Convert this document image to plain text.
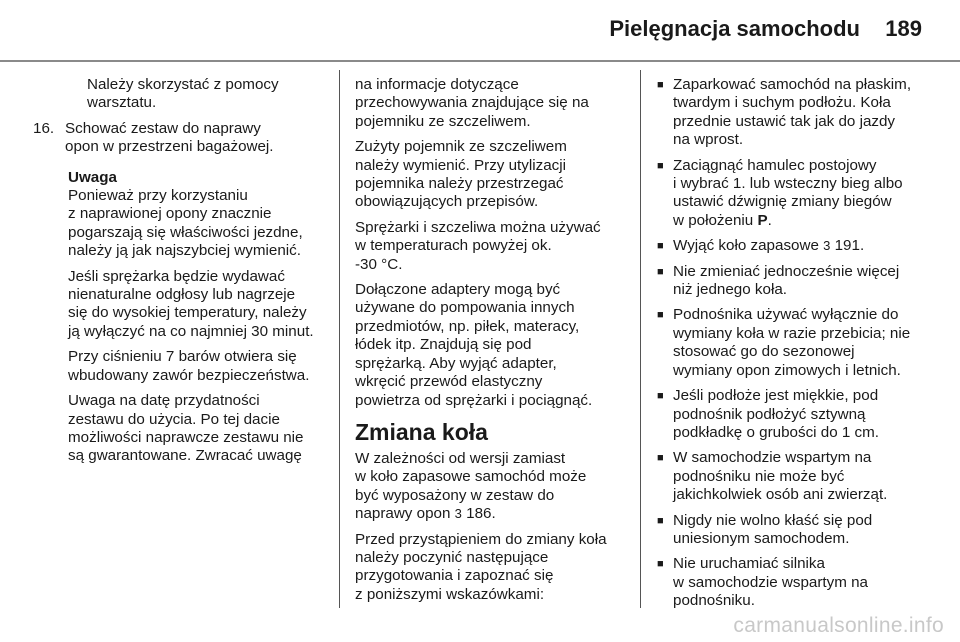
Pielęgnacja samochodu 189

Należy skorzystać z pomocy
warsztatu.

16. Schować zestaw do naprawy
opon w przestrzeni bagażowej.

Uwaga

Ponieważ przy korzystaniu
z naprawionej opony znacznie
pogarszają się właściwości jezdne,
należy ją jak najszybciej wymienić.

Jeśli sprężarka będzie wydawać
nienaturalne odgłosy lub nagrzeje
się do wysokiej temperatury, należy
ją wyłączyć na co najmniej 30 minut.

Przy ciśnieniu 7 barów otwiera się
wbudowany zawór bezpieczeństwa.

Uwaga na datę przydatności
zestawu do użycia. Po tej dacie
możliwości naprawcze zestawu nie
są gwarantowane. Zwracać uwagę

na informacje dotyczące
przechowywania znajdujące się na
pojemniku ze szczeliwem.

Zużyty pojemnik ze szczeliwem
należy wymienić. Przy utylizacji
pojemnika należy przestrzegać
obowiązujących przepisów.

Sprężarki i szczeliwa można używać
w temperaturach powyżej ok.
-30 °C.

Dołączone adaptery mogą być
używane do pompowania innych
przedmiotów, np. piłek, materacy,
łódek itp. Znajdują się pod
sprężarką. Aby wyjąć adapter,
wkręcić przewód elastyczny
powietrza od sprężarki i pociągnąć.

Zmiana koła

W zależności od wersji zamiast
w koło zapasowe samochód może
być wyposażony w zestaw do
naprawy opon 3 186.

Przed przystąpieniem do zmiany koła
należy poczynić następujące
przygotowania i zapoznać się
z poniższymi wskazówkami:

■ Zaparkować samochód na płaskim,
twardym i suchym podłożu. Koła
przednie ustawić tak jak do jazdy
na wprost.
■ Zaciągnąć hamulec postojowy
i wybrać 1. lub wsteczny bieg albo
ustawić dźwignię zmiany biegów
w położeniu P.
■ Wyjąć koło zapasowe 3 191.
■ Nie zmieniać jednocześnie więcej
niż jednego koła.
■ Podnośnika używać wyłącznie do
wymiany koła w razie przebicia; nie
stosować go do sezonowej
wymiany opon zimowych i letnich.
■ Jeśli podłoże jest miękkie, pod
podnośnik podłożyć sztywną
podkładkę o grubości do 1 cm.
■ W samochodzie wspartym na
podnośniku nie może być
jakichkolwiek osób ani zwierząt.
■ Nigdy nie wolno kłaść się pod
uniesionym samochodem.
■ Nie uruchamiać silnika
w samochodzie wspartym na
podnośniku.
carmanualsonline.info
